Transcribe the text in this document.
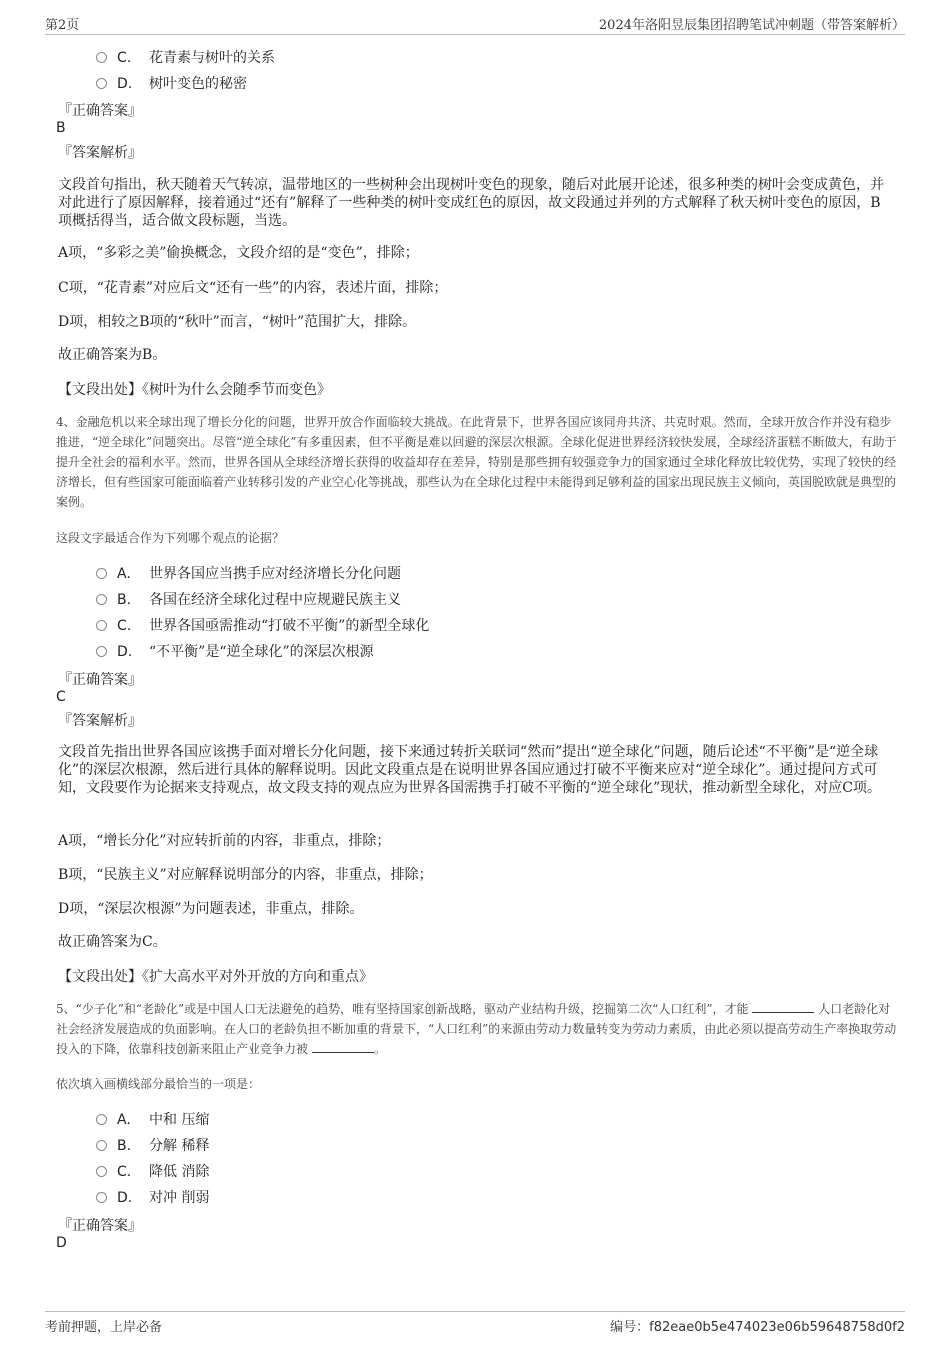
第2页	2024年洛阳昱辰集团招聘笔试冲刺题（带答案解析）
C. 花青素与树叶的关系
D. 树叶变色的秘密
『正确答案』
B
『答案解析』
文段首句指出，秋天随着天气转凉，温带地区的一些树种会出现树叶变色的现象，随后对此展开论述，很多种类的树叶会变成黄色，并对此进行了原因解释，接着通过“还有”解释了一些种类的树叶变成红色的原因，故文段通过并列的方式解释了秋天树叶变色的原因，B项概括得当，适合做文段标题，当选。
A项，“多彩之美”偷换概念，文段介绍的是“变色”，排除；
C项，“花青素”对应后文“还有一些”的内容，表述片面，排除；
D项，相较之B项的“秋叶”而言，“树叶”范围扩大，排除。
故正确答案为B。
【文段出处】《树叶为什么会随季节而变色》
4、金融危机以来全球出现了增长分化的问题，世界开放合作面临较大挑战。在此背景下，世界各国应该同舟共济、共克时艰。然而，全球开放合作并没有稳步推进，“逆全球化”问题突出。尽管“逆全球化”有多重因素，但不平衡是难以回避的深层次根源。全球化促进世界经济较快发展，全球经济蛋糕不断做大，有助于提升全社会的福利水平。然而，世界各国从全球经济增长获得的收益却存在差异，特别是那些拥有较强竞争力的国家通过全球化释放比较优势，实现了较快的经济增长，但有些国家可能面临着产业转移引发的产业空心化等挑战，那些认为在全球化过程中未能得到足够利益的国家出现民族主义倾向，英国脱欧就是典型的案例。
这段文字最适合作为下列哪个观点的论据？
A. 世界各国应当携手应对经济增长分化问题
B. 各国在经济全球化过程中应规避民族主义
C. 世界各国亟需推动“打破不平衡”的新型全球化
D. “不平衡”是“逆全球化”的深层次根源
『正确答案』
C
『答案解析』
文段首先指出世界各国应该携手面对增长分化问题，接下来通过转折关联词“然而”提出“逆全球化”问题，随后论述“不平衡”是“逆全球化”的深层次根源，然后进行具体的解释说明。因此文段重点是在说明世界各国应通过打破不平衡来应对“逆全球化”。通过提问方式可知，文段要作为论据来支持观点，故文段支持的观点应为世界各国需携手打破不平衡的“逆全球化”现状，推动新型全球化，对应C项。
A项，“增长分化”对应转折前的内容，非重点，排除；
B项，“民族主义”对应解释说明部分的内容，非重点，排除；
D项，“深层次根源”为问题表述，非重点，排除。
故正确答案为C。
【文段出处】《扩大高水平对外开放的方向和重点》
5、“少子化”和“老龄化”或是中国人口无法避免的趋势，唯有坚持国家创新战略，驱动产业结构升级，挖掘第二次“人口红利”，才能	人口老龄化对社会经济发展造成的负面影响。在人口的老龄负担不断加重的背景下，“人口红利”的来源由劳动力数量转变为劳动力素质，由此必须以提高劳动生产率换取劳动投入的下降，依靠科技创新来阻止产业竞争力被	。
依次填入画横线部分最恰当的一项是：
A. 中和 压缩
B. 分解 稀释
C. 降低 消除
D. 对冲 削弱
『正确答案』
D
考前押题，上岸必备	编号：f82eae0b5e474023e06b59648758d0f2
